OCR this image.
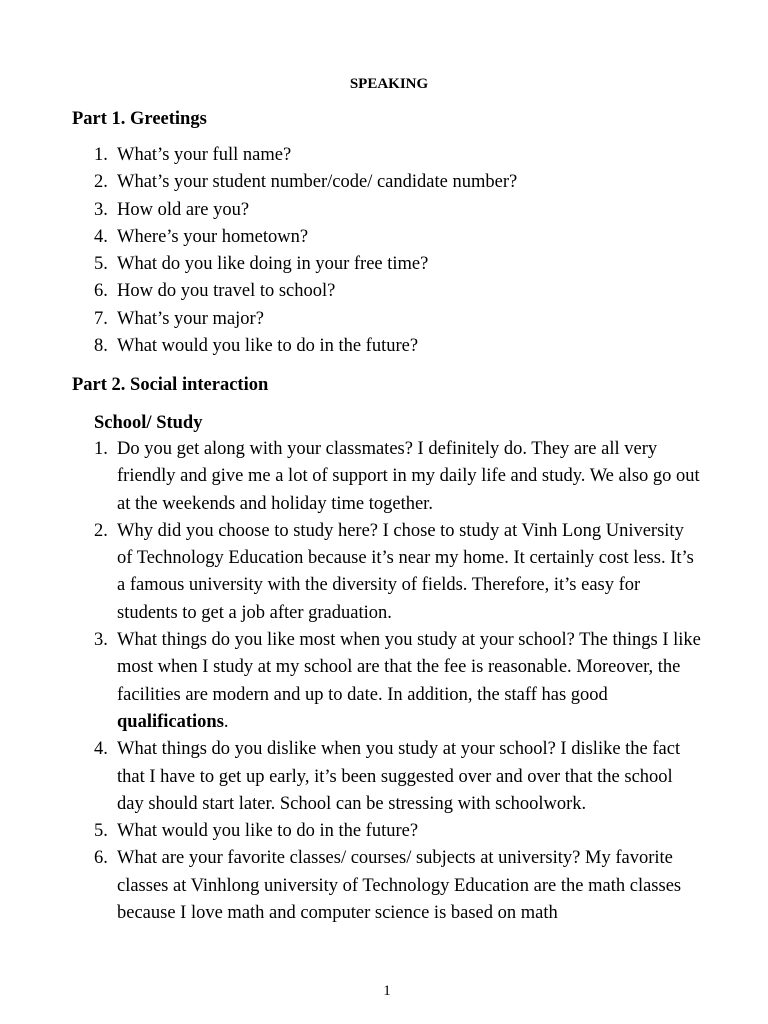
SPEAKING
Part 1. Greetings
1. What’s your full name?
2. What’s your student number/code/ candidate number?
3. How old are you?
4. Where’s your hometown?
5. What do you like doing in your free time?
6. How do you travel to school?
7. What’s your major?
8. What would you like to do in the future?
Part 2. Social interaction
School/ Study
1. Do you get along with your classmates? I definitely do. They are all very friendly and give me a lot of support in my daily life and study. We also go out at the weekends and holiday time together.
2. Why did you choose to study here? I chose to study at Vinh Long University of Technology Education because it’s near my home. It certainly cost less. It’s a famous university with the diversity of fields. Therefore, it’s easy for students to get a job after graduation.
3. What things do you like most when you study at your school? The things I like most when I study at my school are that the fee is reasonable. Moreover, the facilities are modern and up to date. In addition, the staff has good qualifications.
4. What things do you dislike when you study at your school? I dislike the fact that I have to get up early, it’s been suggested over and over that the school day should start later. School can be stressing with schoolwork.
5. What would you like to do in the future?
6. What are your favorite classes/ courses/ subjects at university? My favorite classes at Vinhlong university of Technology Education are the math classes because I love math and computer science is based on math
1
